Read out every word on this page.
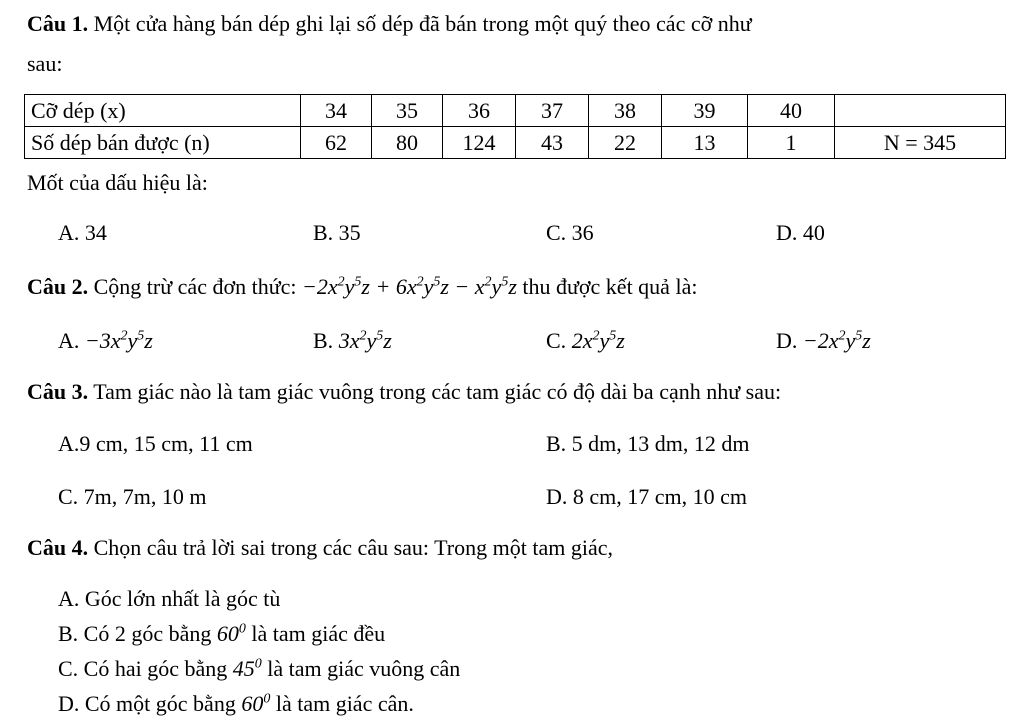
Câu 1. Một cửa hàng bán dép ghi lại số dép đã bán trong một quý theo các cỡ như
sau:
Cỡ dép (x)	34	35	36	37	38	39	40	
Số dép bán được (n)	62	80	124	43	22	13	1	N = 345
Mốt của dấu hiệu là:
A. 34	B. 35	C. 36	D. 40
Câu 2. Cộng trừ các đơn thức: $-2x^2y^5z + 6x^2y^5z - x^2y^5z$ thu được kết quả là:
A. $-3x^2y^5z$	B. $3x^2y^5z$	C. $2x^2y^5z$	D. $-2x^2y^5z$
Câu 3. Tam giác nào là tam giác vuông trong các tam giác có độ dài ba cạnh như sau:
A.9 cm, 15 cm, 11 cm	B. 5 dm, 13 dm, 12 dm
C. 7m, 7m, 10 m	D. 8 cm, 17 cm, 10 cm
Câu 4. Chọn câu trả lời sai trong các câu sau: Trong một tam giác,
A. Góc lớn nhất là góc tù
B. Có 2 góc bằng $60^0$ là tam giác đều
C. Có hai góc bằng $45^0$ là tam giác vuông cân
D. Có một góc bằng $60^0$ là tam giác cân.
